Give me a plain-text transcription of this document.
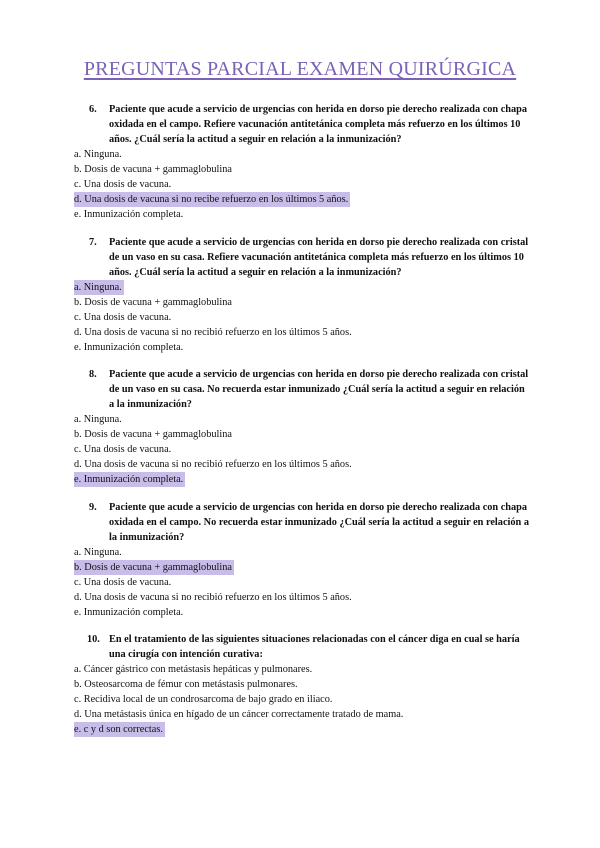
PREGUNTAS PARCIAL EXAMEN QUIRÚRGICA
6. Paciente que acude a servicio de urgencias con herida en dorso pie derecho realizada con chapa oxidada en el campo. Refiere vacunación antitetánica completa más refuerzo en los últimos 10 años. ¿Cuál sería la actitud a seguir en relación a la inmunización?
a. Ninguna.
b. Dosis de vacuna + gammaglobulina
c. Una dosis de vacuna.
d. Una dosis de vacuna si no recibe refuerzo en los últimos 5 años.
e. Inmunización completa.
7. Paciente que acude a servicio de urgencias con herida en dorso pie derecho realizada con cristal de un vaso en su casa. Refiere vacunación antitetánica completa más refuerzo en los últimos 10 años. ¿Cuál sería la actitud a seguir en relación a la inmunización?
a. Ninguna.
b. Dosis de vacuna + gammaglobulina
c. Una dosis de vacuna.
d. Una dosis de vacuna si no recibió refuerzo en los últimos 5 años.
e. Inmunización completa.
8. Paciente que acude a servicio de urgencias con herida en dorso pie derecho realizada con cristal de un vaso en su casa. No recuerda estar inmunizado ¿Cuál sería la actitud a seguir en relación a la inmunización?
a. Ninguna.
b. Dosis de vacuna + gammaglobulina
c. Una dosis de vacuna.
d. Una dosis de vacuna si no recibió refuerzo en los últimos 5 años.
e. Inmunización completa.
9. Paciente que acude a servicio de urgencias con herida en dorso pie derecho realizada con chapa oxidada en el campo. No recuerda estar inmunizado ¿Cuál sería la actitud a seguir en relación a la inmunización?
a. Ninguna.
b. Dosis de vacuna + gammaglobulina
c. Una dosis de vacuna.
d. Una dosis de vacuna si no recibió refuerzo en los últimos 5 años.
e. Inmunización completa.
10. En el tratamiento de las siguientes situaciones relacionadas con el cáncer diga en cual se haría una cirugía con intención curativa:
a. Cáncer gástrico con metástasis hepáticas y pulmonares.
b. Osteosarcoma de fémur con metástasis pulmonares.
c. Recidiva local de un condrosarcoma de bajo grado en iliaco.
d. Una metástasis única en hígado de un cáncer correctamente tratado de mama.
e. c y d son correctas.
